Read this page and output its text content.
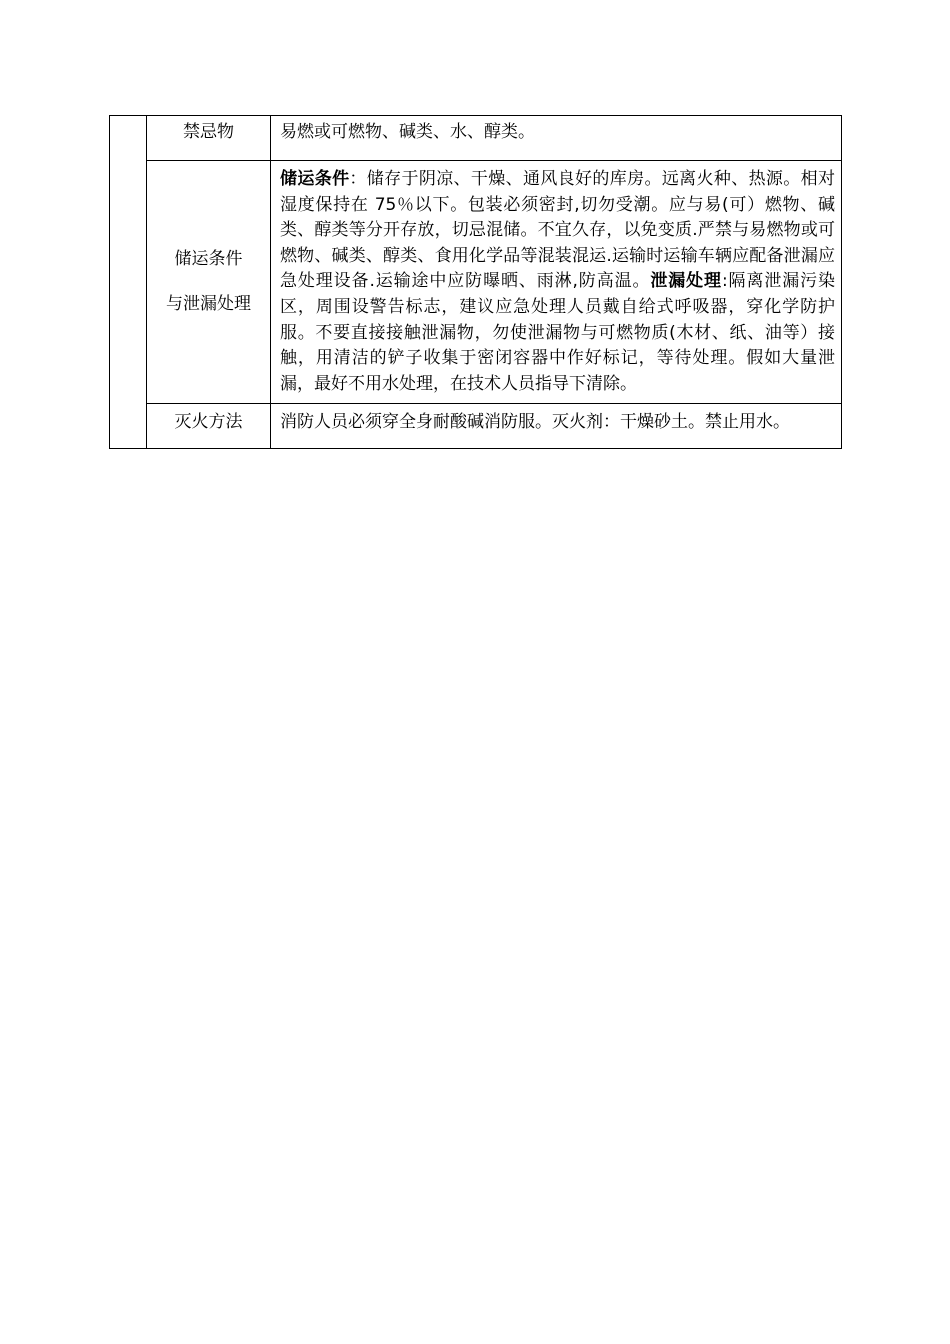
	禁忌物	易燃或可燃物、碱类、水、醇类。

	储运条件
与泄漏处理	储运条件：储存于阴凉、干燥、通风良好的库房。远离火种、热源。相对湿度保持在 75％以下。包装必须密封,切勿受潮。应与易(可）燃物、碱类、醇类等分开存放，切忌混储。不宜久存，以免变质.严禁与易燃物或可燃物、碱类、醇类、食用化学品等混装混运.运输时运输车辆应配备泄漏应急处理设备.运输途中应防曝晒、雨淋,防高温。泄漏处理:隔离泄漏污染区，周围设警告标志，建议应急处理人员戴自给式呼吸器，穿化学防护服。不要直接接触泄漏物，勿使泄漏物与可燃物质(木材、纸、油等）接触，用清洁的铲子收集于密闭容器中作好标记，等待处理。假如大量泄漏，最好不用水处理，在技术人员指导下清除。

	灭火方法	消防人员必须穿全身耐酸碱消防服。灭火剂：干燥砂土。禁止用水。
